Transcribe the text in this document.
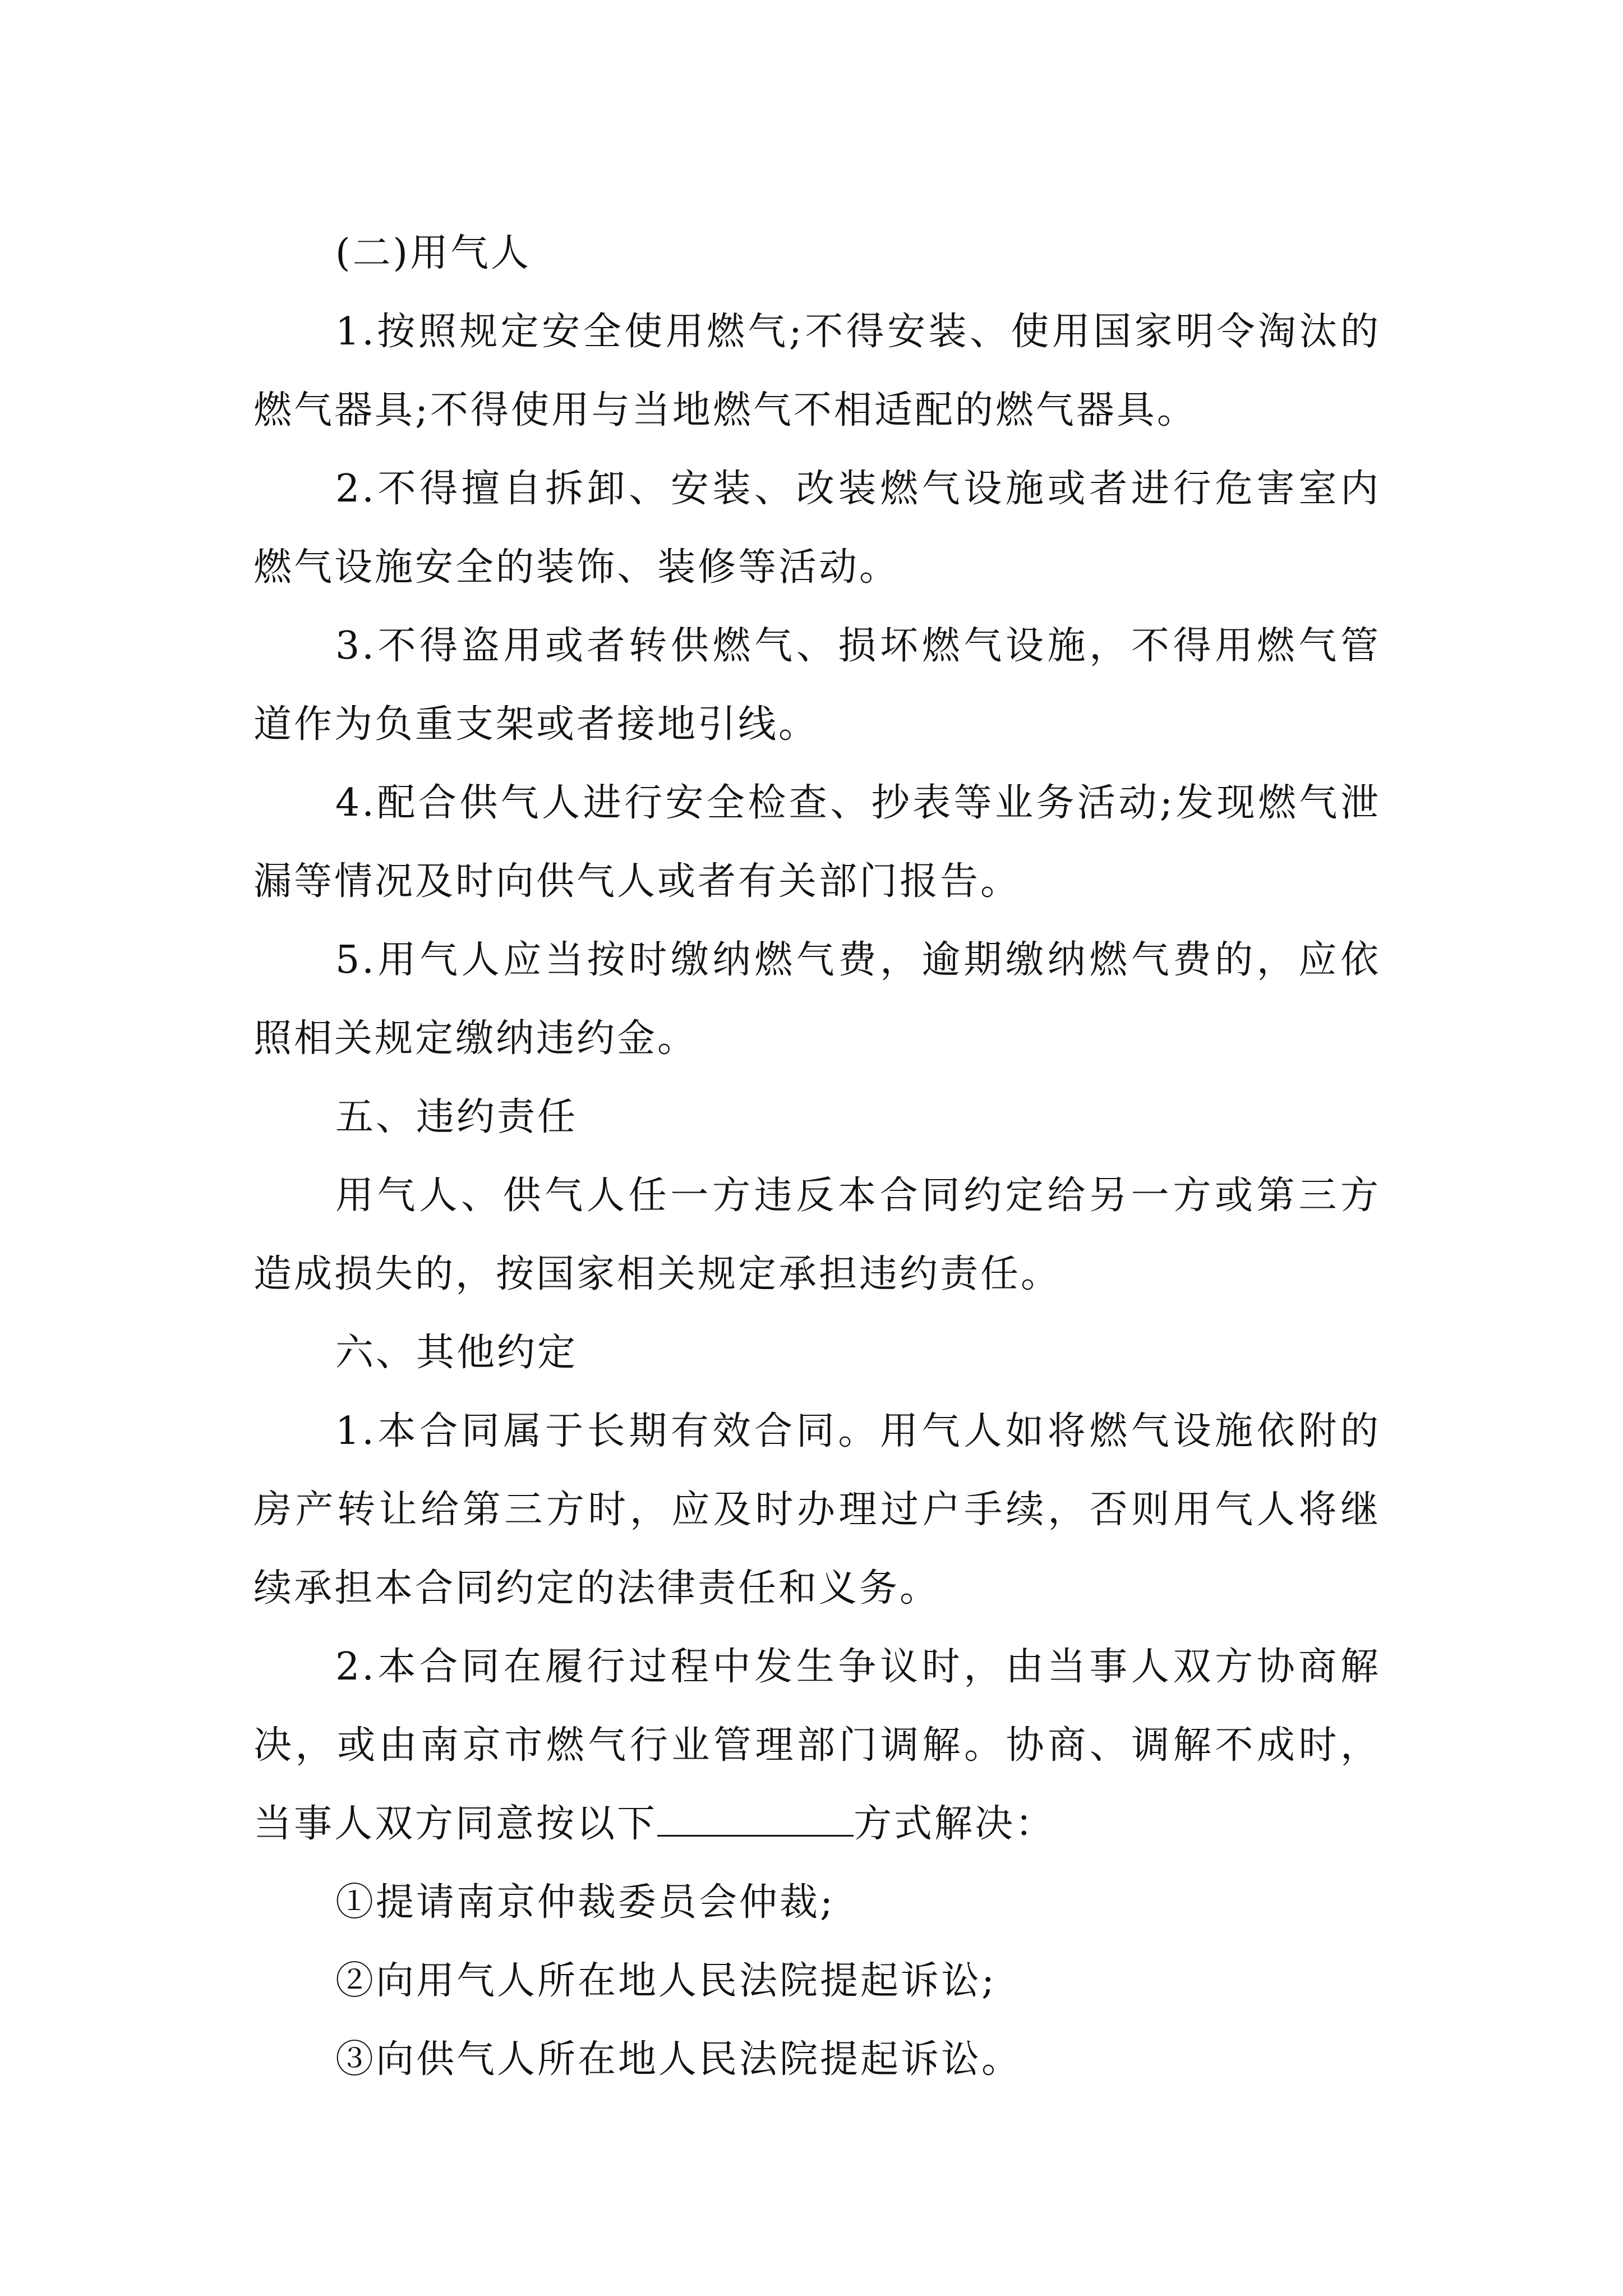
(二)用气人

1.按照规定安全使用燃气;不得安装、使用国家明令淘汰的燃气器具;不得使用与当地燃气不相适配的燃气器具。

2.不得擅自拆卸、安装、改装燃气设施或者进行危害室内燃气设施安全的装饰、装修等活动。

3.不得盗用或者转供燃气、损坏燃气设施，不得用燃气管道作为负重支架或者接地引线。

4.配合供气人进行安全检查、抄表等业务活动;发现燃气泄漏等情况及时向供气人或者有关部门报告。

5.用气人应当按时缴纳燃气费，逾期缴纳燃气费的，应依照相关规定缴纳违约金。

五、违约责任

用气人、供气人任一方违反本合同约定给另一方或第三方造成损失的，按国家相关规定承担违约责任。

六、其他约定

1.本合同属于长期有效合同。用气人如将燃气设施依附的房产转让给第三方时，应及时办理过户手续，否则用气人将继续承担本合同约定的法律责任和义务。

2.本合同在履行过程中发生争议时，由当事人双方协商解决，或由南京市燃气行业管理部门调解。协商、调解不成时，当事人双方同意按以下	方式解决：

①提请南京仲裁委员会仲裁;

②向用气人所在地人民法院提起诉讼;

③向供气人所在地人民法院提起诉讼。
